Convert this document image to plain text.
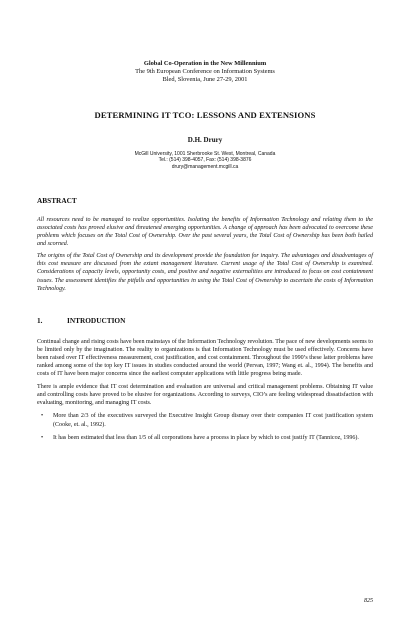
Global Co-Operation in the New Millennium
The 9th European Conference on Information Systems
Bled, Slovenia, June 27-29, 2001
DETERMINING IT TCO: LESSONS AND EXTENSIONS
D.H. Drury
McGill University, 1001 Sherbrooke St. West, Montreal, Canada
Tel.: (514) 398-4057, Fax: (514) 398-3876
drury@management.mcgill.ca
ABSTRACT

All resources need to be managed to realize opportunities. Isolating the benefits of Information Technology and relating them to the associated costs has proved elusive and threatened emerging opportunities. A change of approach has been advocated to overcome these problems which focuses on the Total Cost of Ownership. Over the past several years, the Total Cost of Ownership has been both hailed and scorned.

The origins of the Total Cost of Ownership and its development provide the foundation for inquiry. The advantages and disadvantages of this cost measure are discussed from the extant management literature. Current usage of the Total Cost of Ownership is examined. Considerations of capacity levels, opportunity costs, and positive and negative externalities are introduced to focus on cost containment issues. The assessment identifies the pitfalls and opportunities in using the Total Cost of Ownership to ascertain the costs of Information Technology.

1.	INTRODUCTION

Continual change and rising costs have been mainstays of the Information Technology revolution. The pace of new developments seems to be limited only by the imagination. The reality to organizations is that Information Technology must be used effectively. Concerns have been raised over IT effectiveness measurement, cost justification, and cost containment. Throughout the 1990’s these latter problems have ranked among some of the top key IT issues in studies conducted around the world (Pervan, 1997; Wang et. al., 1994). The benefits and costs of IT have been major concerns since the earliest computer applications with little progress being made.

There is ample evidence that IT cost determination and evaluation are universal and critical management problems. Obtaining IT value and controlling costs have proved to be elusive for organizations. According to surveys, CIO’s are feeling widespread dissatisfaction with evaluating, monitoring, and managing IT costs.

• More than 2/3 of the executives surveyed the Executive Insight Group dismay over their companies IT cost justification system (Cooke, et. al., 1992).
• It has been estimated that less than 1/5 of all corporations have a process in place by which to cost justify IT (Tannicoz, 1996).
825
